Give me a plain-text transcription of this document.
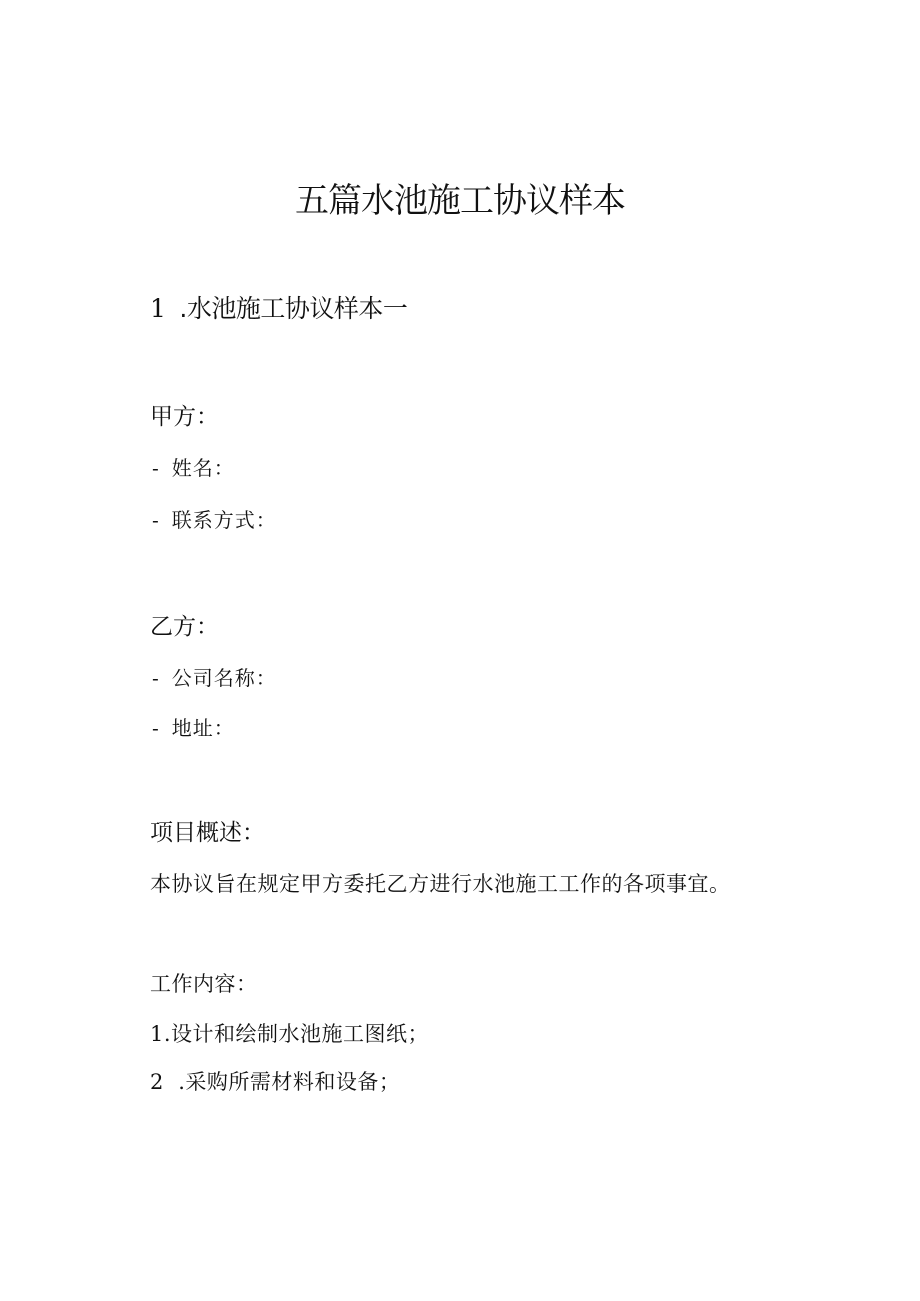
五篇水池施工协议样本
1 .水池施工协议样本一
甲方：
- 姓名：
- 联系方式：
乙方：
- 公司名称：
- 地址：
项目概述：
本协议旨在规定甲方委托乙方进行水池施工工作的各项事宜。
工作内容：
1.设计和绘制水池施工图纸；
2  .采购所需材料和设备；
